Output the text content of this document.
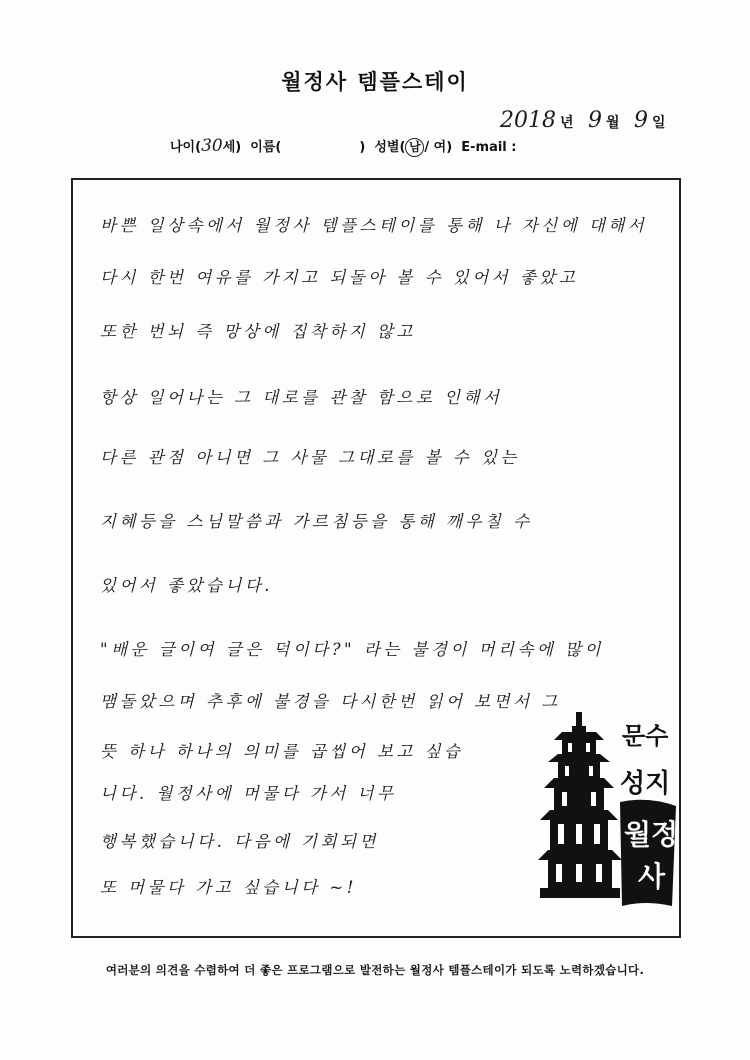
월정사 템플스테이
2018 년 9 월 9 일
나이(30세) 이름(	) 성별( 남 / 여) E-mail :
바쁜 일상속에서 월정사 템플스테이를 통해 나 자신에 대해서
다시 한번 여유를 가지고 되돌아 볼 수 있어서 좋았고
또한 번뇌 즉 망상에 집착하지 않고
항상 일어나는 그 대로를 관찰 함으로 인해서
다른 관점 아니면 그 사물 그대로를 볼 수 있는
지혜등을 스님말씀과 가르침등을 통해 깨우칠 수
있어서 좋았습니다.
"배운 글이여 글은 덕이다?" 라는 불경이 머리속에 많이
맴돌았으며 추후에 불경을 다시한번 읽어 보면서 그
뜻 하나 하나의 의미를 곱씹어 보고 싶습
니다. 월정사에 머물다 가서 너무
행복했습니다. 다음에 기회되면
또 머물다 가고 싶습니다 ~!
문수
성지
월정
사
여러분의 의견을 수렴하여 더 좋은 프로그램으로 발전하는 월정사 템플스테이가 되도록 노력하겠습니다.
